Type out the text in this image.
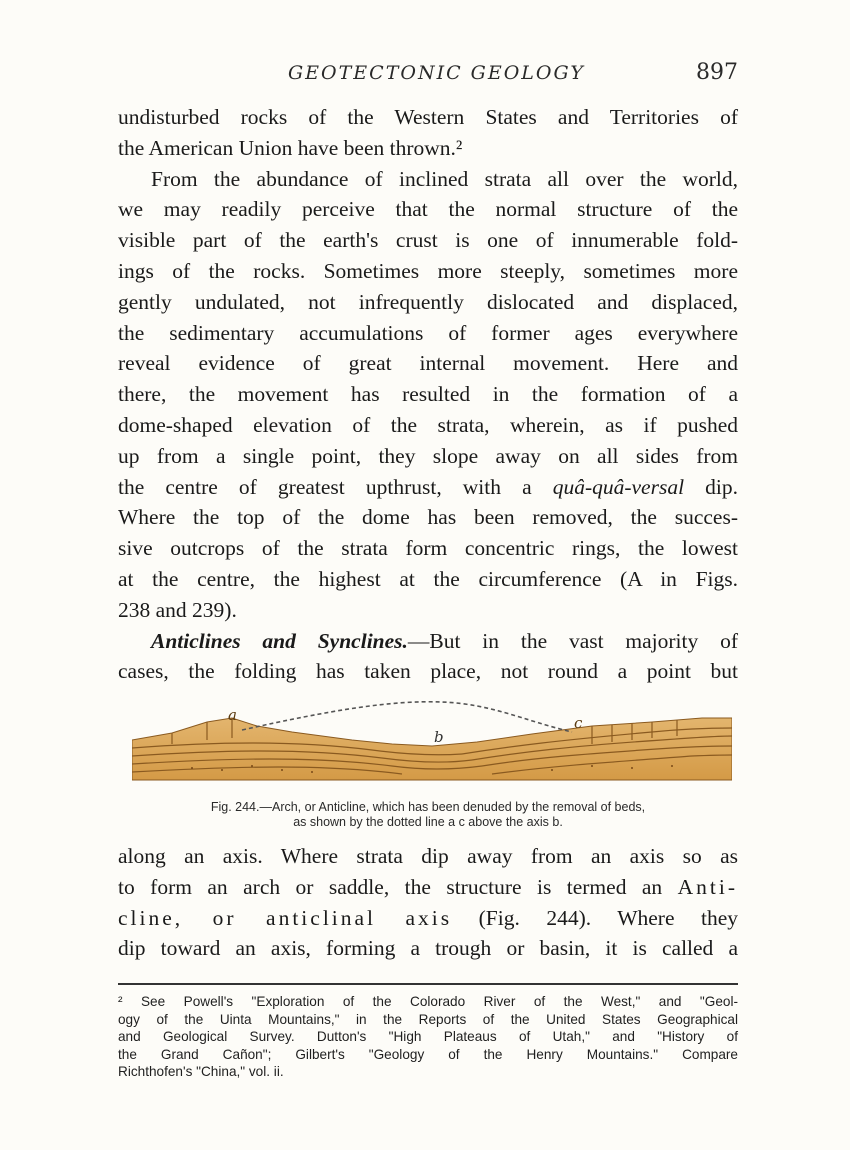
GEOTECTONIC GEOLOGY	897
undisturbed rocks of the Western States and Territories of
the American Union have been thrown.²
From the abundance of inclined strata all over the world,
we may readily perceive that the normal structure of the
visible part of the earth's crust is one of innumerable fold-
ings of the rocks. Sometimes more steeply, sometimes more
gently undulated, not infrequently dislocated and displaced,
the sedimentary accumulations of former ages everywhere
reveal evidence of great internal movement. Here and
there, the movement has resulted in the formation of a
dome-shaped elevation of the strata, wherein, as if pushed
up from a single point, they slope away on all sides from
the centre of greatest upthrust, with a quâ-quâ-versal dip.
Where the top of the dome has been removed, the succes-
sive outcrops of the strata form concentric rings, the lowest
at the centre, the highest at the circumference (A in Figs.
238 and 239).
Anticlines and Synclines.—But in the vast majority of
cases, the folding has taken place, not round a point but
a
b
c
Fig. 244.—Arch, or Anticline, which has been denuded by the removal of beds,
as shown by the dotted line a c above the axis b.
along an axis. Where strata dip away from an axis so as
to form an arch or saddle, the structure is termed an Anti-
cline, or anticlinal axis (Fig. 244). Where they
dip toward an axis, forming a trough or basin, it is called a
² See Powell's "Exploration of the Colorado River of the West," and "Geol-
ogy of the Uinta Mountains," in the Reports of the United States Geographical
and Geological Survey. Dutton's "High Plateaus of Utah," and "History of
the Grand Cañon"; Gilbert's "Geology of the Henry Mountains." Compare
Richthofen's "China," vol. ii.
